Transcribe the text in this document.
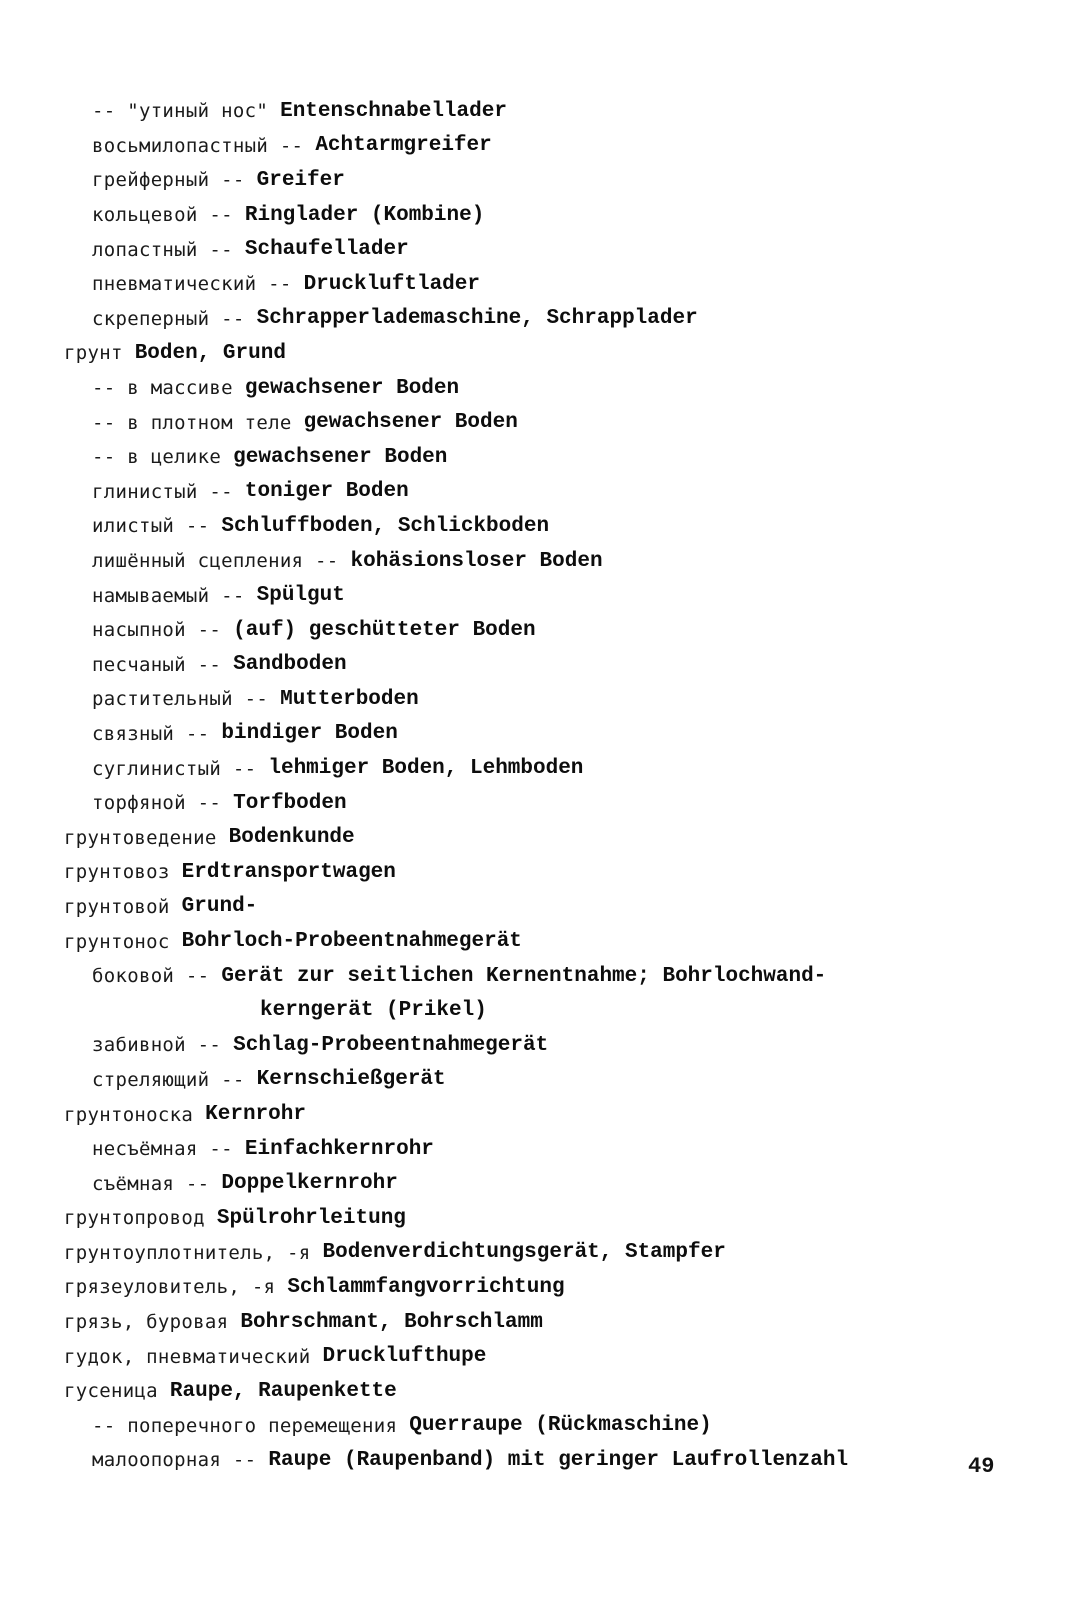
-- "утиный нос" Entenschnabellader
восьмилопастный -- Achtarmgreifer
грейферный -- Greifer
кольцевой -- Ringlader (Kombine)
лопастный -- Schaufellader
пневматический -- Druckluftlader
скреперный -- Schrapperlademaschine, Schrapplader
грунт Boden, Grund
-- в массиве gewachsener Boden
-- в плотном теле gewachsener Boden
-- в целике gewachsener Boden
глинистый -- toniger Boden
илистый -- Schluffboden, Schlickboden
лишённый сцепления -- kohäsionsloser Boden
намываемый -- Spülgut
насыпной -- (auf) geschütteter Boden
песчаный -- Sandboden
растительный -- Mutterboden
связный -- bindiger Boden
суглинистый -- lehmiger Boden, Lehmboden
торфяной -- Torfboden
грунтоведение Bodenkunde
грунтовоз Erdtransportwagen
грунтовой Grund-
грунтонос Bohrloch-Probeentnahmegerät
боковой -- Gerät zur seitlichen Kernentnahme; Bohrlochwand-
kerngerät (Prikel)
забивной -- Schlag-Probeentnahmegerät
стреляющий -- Kernschießgerät
грунтоноска Kernrohr
несъёмная -- Einfachkernrohr
съёмная -- Doppelkernrohr
грунтопровод Spülrohrleitung
грунтоуплотнитель, -я Bodenverdichtungsgerät, Stampfer
грязеуловитель, -я Schlammfangvorrichtung
грязь, буровая Bohrschmant, Bohrschlamm
гудок, пневматический Drucklufthupe
гусеница Raupe, Raupenkette
-- поперечного перемещения Querraupe (Rückmaschine)
малоопорная -- Raupe (Raupenband) mit geringer Laufrollenzahl	49
